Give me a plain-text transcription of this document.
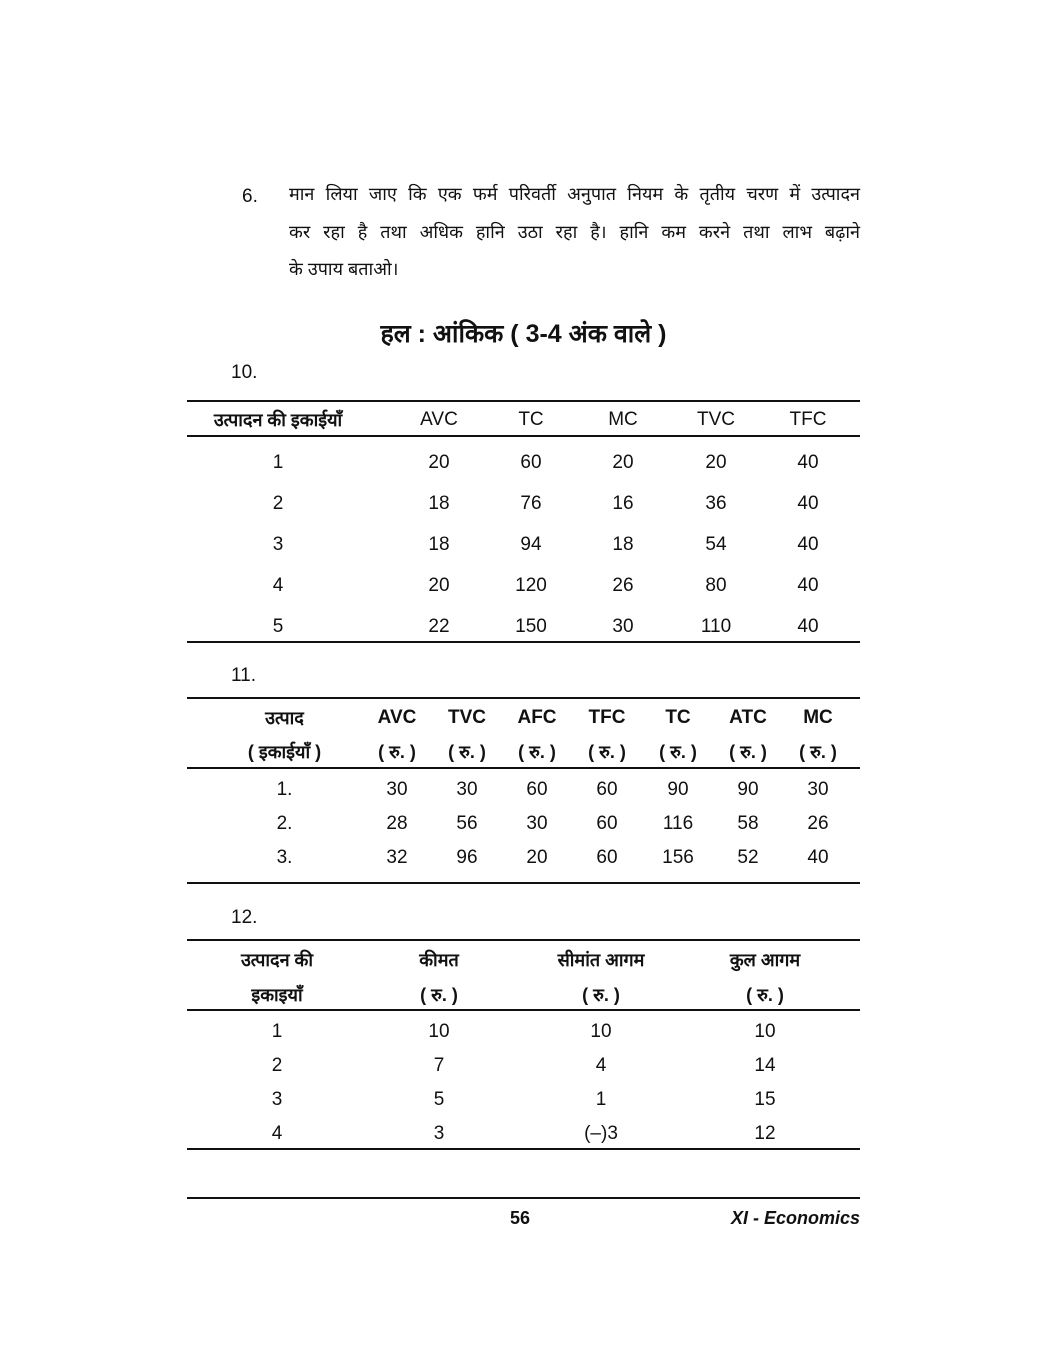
6. मान लिया जाए कि एक फर्म परिवर्ती अनुपात नियम के तृतीय चरण में उत्पादन
कर रहा है तथा अधिक हानि उठा रहा है। हानि कम करने तथा लाभ बढ़ाने
के उपाय बताओ।
हल : आंकिक ( 3-4 अंक वाले )
10.
उत्पादन की इकाईयाँ	AVC	TC	MC	TVC	TFC
1	20	60	20	20	40
2	18	76	16	36	40
3	18	94	18	54	40
4	20	120	26	80	40
5	22	150	30	110	40
11.
उत्पाद	AVC	TVC	AFC	TFC	TC	ATC	MC
( इकाईयाँ )	( रु. )	( रु. )	( रु. )	( रु. )	( रु. )	( रु. )	( रु. )
1.	30	30	60	60	90	90	30
2.	28	56	30	60	116	58	26
3.	32	96	20	60	156	52	40
12.
उत्पादन की	कीमत	सीमांत आगम	कुल आगम
इकाइयाँ	( रु. )	( रु. )	( रु. )
1	10	10	10
2	7	4	14
3	5	1	15
4	3	(–)3	12
56	XI - Economics
